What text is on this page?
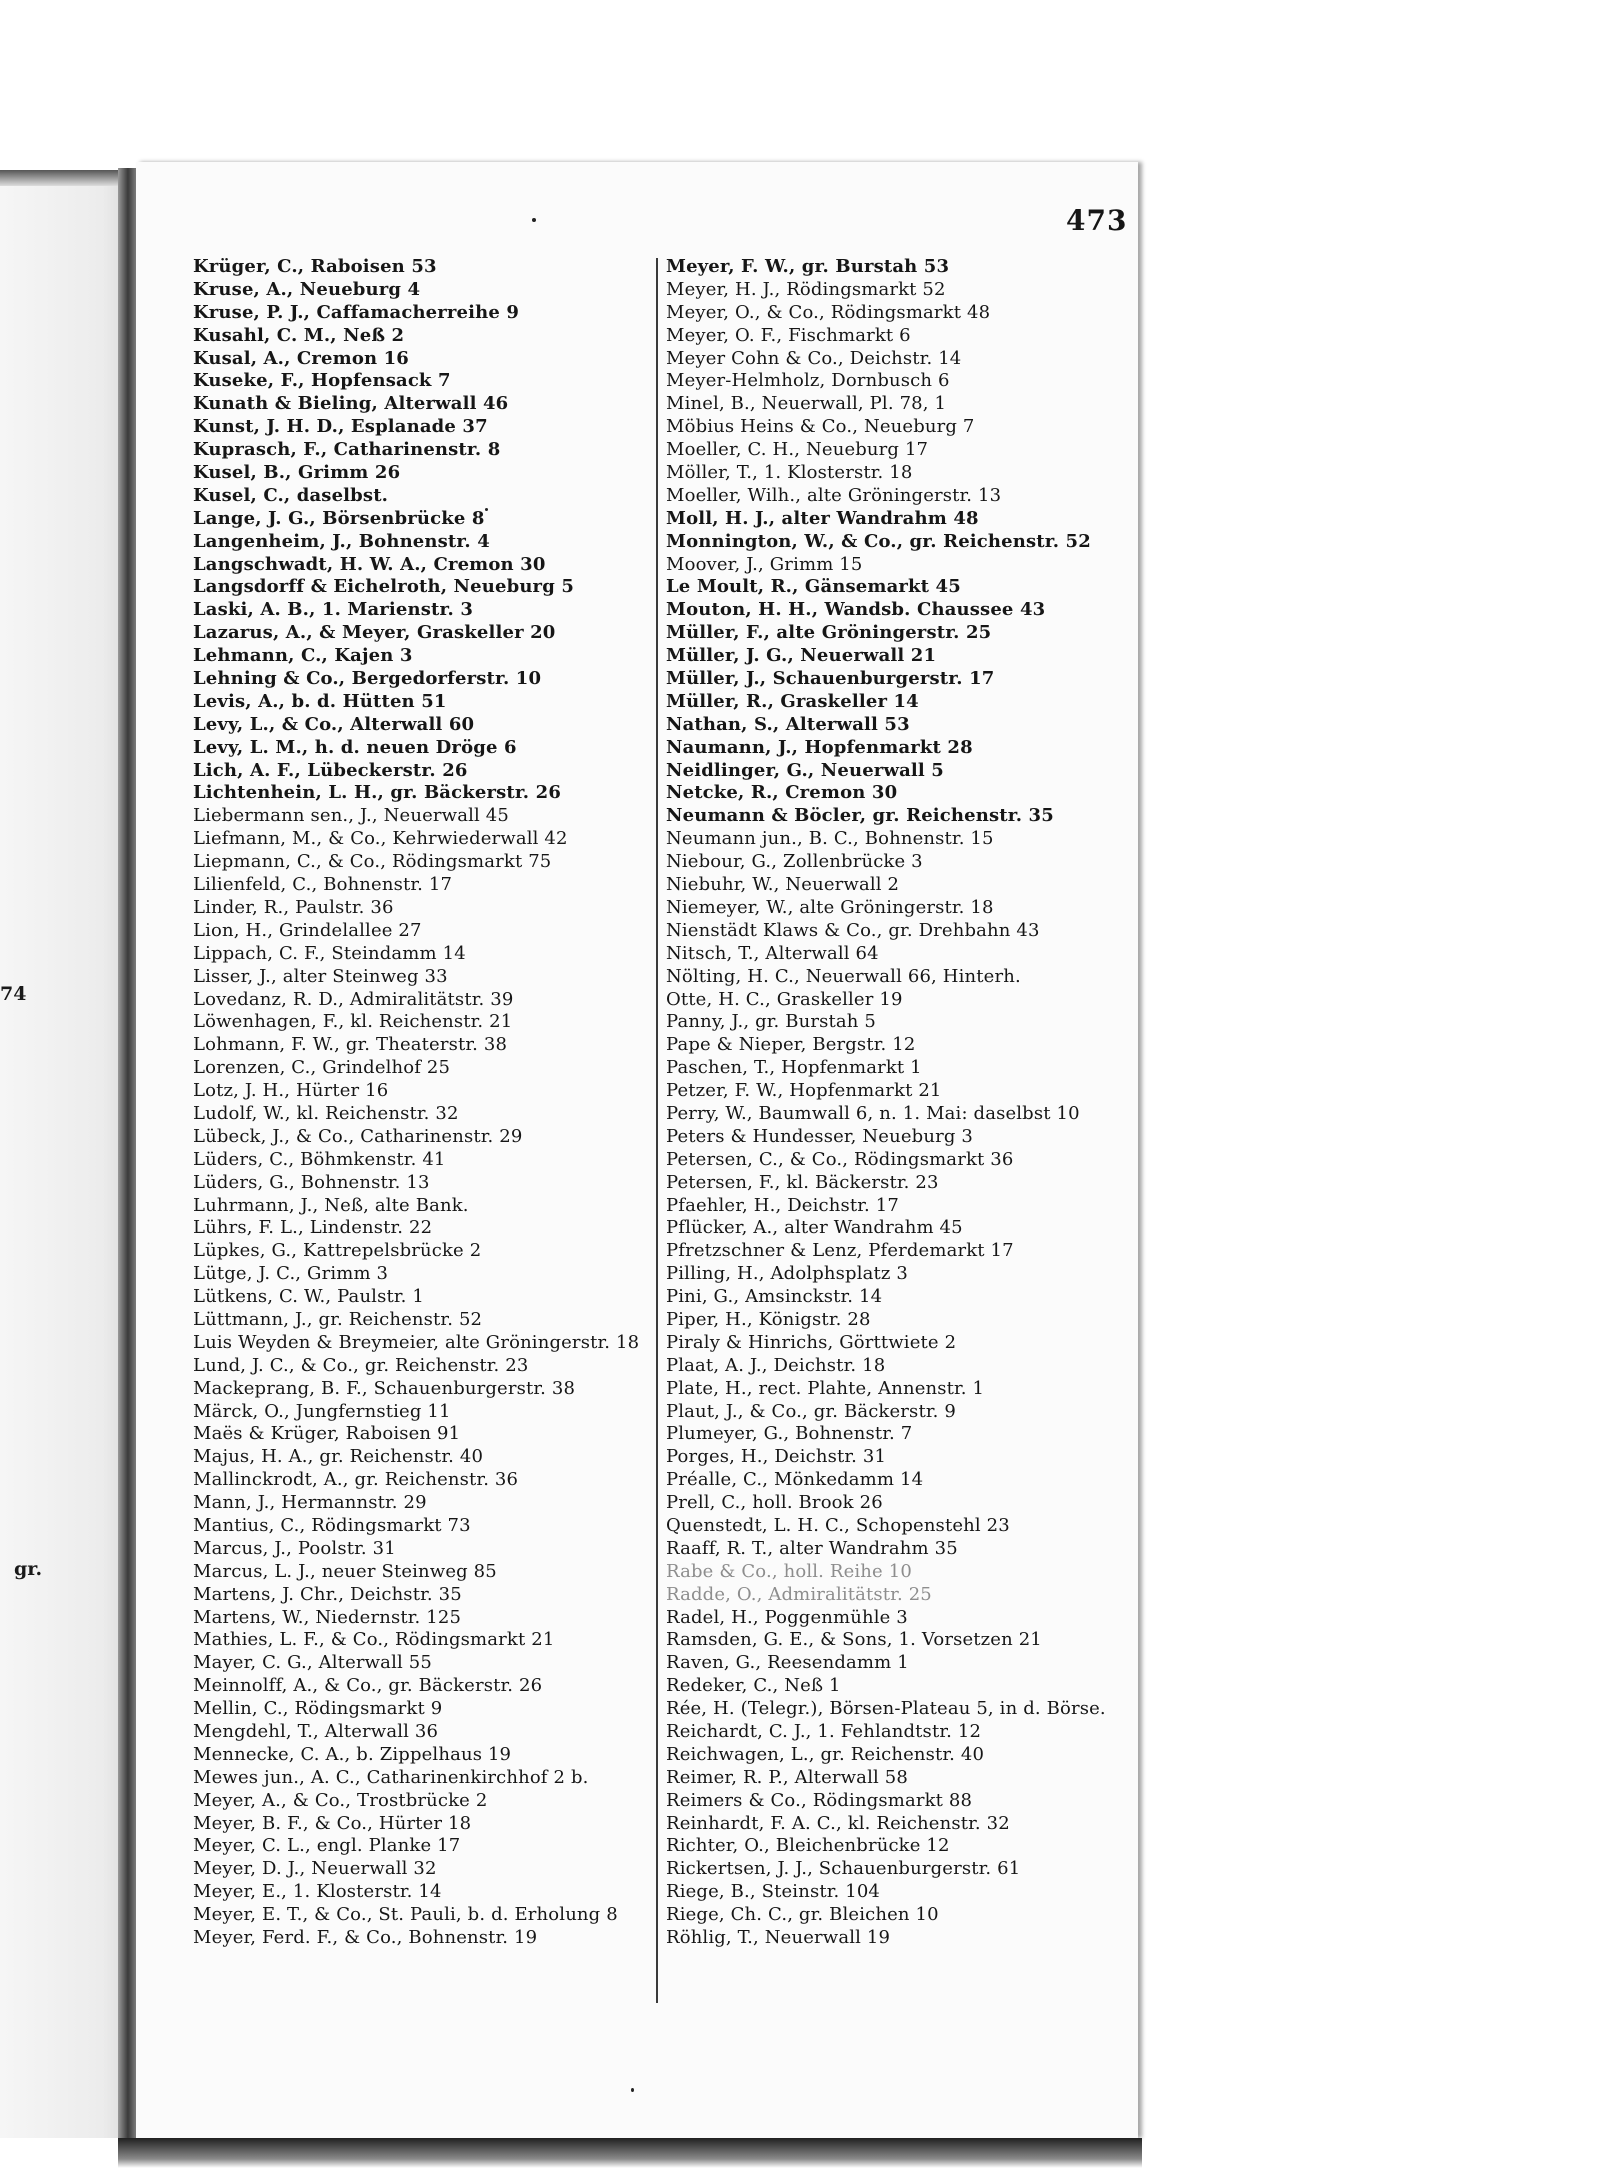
74
gr.
473
Krüger, C., Raboisen 53
Kruse, A., Neueburg 4
Kruse, P. J., Caffamacherreihe 9
Kusahl, C. M., Neß 2
Kusal, A., Cremon 16
Kuseke, F., Hopfensack 7
Kunath & Bieling, Alterwall 46
Kunst, J. H. D., Esplanade 37
Kuprasch, F., Catharinenstr. 8
Kusel, B., Grimm 26
Kusel, C., daselbst.
Lange, J. G., Börsenbrücke 8
Langenheim, J., Bohnenstr. 4
Langschwadt, H. W. A., Cremon 30
Langsdorff & Eichelroth, Neueburg 5
Laski, A. B., 1. Marienstr. 3
Lazarus, A., & Meyer, Graskeller 20
Lehmann, C., Kajen 3
Lehning & Co., Bergedorferstr. 10
Levis, A., b. d. Hütten 51
Levy, L., & Co., Alterwall 60
Levy, L. M., h. d. neuen Dröge 6
Lich, A. F., Lübeckerstr. 26
Lichtenhein, L. H., gr. Bäckerstr. 26
Liebermann sen., J., Neuerwall 45
Liefmann, M., & Co., Kehrwiederwall 42
Liepmann, C., & Co., Rödingsmarkt 75
Lilienfeld, C., Bohnenstr. 17
Linder, R., Paulstr. 36
Lion, H., Grindelallee 27
Lippach, C. F., Steindamm 14
Lisser, J., alter Steinweg 33
Lovedanz, R. D., Admiralitätstr. 39
Löwenhagen, F., kl. Reichenstr. 21
Lohmann, F. W., gr. Theaterstr. 38
Lorenzen, C., Grindelhof 25
Lotz, J. H., Hürter 16
Ludolf, W., kl. Reichenstr. 32
Lübeck, J., & Co., Catharinenstr. 29
Lüders, C., Böhmkenstr. 41
Lüders, G., Bohnenstr. 13
Luhrmann, J., Neß, alte Bank.
Lührs, F. L., Lindenstr. 22
Lüpkes, G., Kattrepelsbrücke 2
Lütge, J. C., Grimm 3
Lütkens, C. W., Paulstr. 1
Lüttmann, J., gr. Reichenstr. 52
Luis Weyden & Breymeier, alte Gröningerstr. 18
Lund, J. C., & Co., gr. Reichenstr. 23
Mackeprang, B. F., Schauenburgerstr. 38
Märck, O., Jungfernstieg 11
Maës & Krüger, Raboisen 91
Majus, H. A., gr. Reichenstr. 40
Mallinckrodt, A., gr. Reichenstr. 36
Mann, J., Hermannstr. 29
Mantius, C., Rödingsmarkt 73
Marcus, J., Poolstr. 31
Marcus, L. J., neuer Steinweg 85
Martens, J. Chr., Deichstr. 35
Martens, W., Niedernstr. 125
Mathies, L. F., & Co., Rödingsmarkt 21
Mayer, C. G., Alterwall 55
Meinnolff, A., & Co., gr. Bäckerstr. 26
Mellin, C., Rödingsmarkt 9
Mengdehl, T., Alterwall 36
Mennecke, C. A., b. Zippelhaus 19
Mewes jun., A. C., Catharinenkirchhof 2 b.
Meyer, A., & Co., Trostbrücke 2
Meyer, B. F., & Co., Hürter 18
Meyer, C. L., engl. Planke 17
Meyer, D. J., Neuerwall 32
Meyer, E., 1. Klosterstr. 14
Meyer, E. T., & Co., St. Pauli, b. d. Erholung 8
Meyer, Ferd. F., & Co., Bohnenstr. 19
Meyer, F. W., gr. Burstah 53
Meyer, H. J., Rödingsmarkt 52
Meyer, O., & Co., Rödingsmarkt 48
Meyer, O. F., Fischmarkt 6
Meyer Cohn & Co., Deichstr. 14
Meyer-Helmholz, Dornbusch 6
Minel, B., Neuerwall, Pl. 78, 1
Möbius Heins & Co., Neueburg 7
Moeller, C. H., Neueburg 17
Möller, T., 1. Klosterstr. 18
Moeller, Wilh., alte Gröningerstr. 13
Moll, H. J., alter Wandrahm 48
Monnington, W., & Co., gr. Reichenstr. 52
Moover, J., Grimm 15
Le Moult, R., Gänsemarkt 45
Mouton, H. H., Wandsb. Chaussee 43
Müller, F., alte Gröningerstr. 25
Müller, J. G., Neuerwall 21
Müller, J., Schauenburgerstr. 17
Müller, R., Graskeller 14
Nathan, S., Alterwall 53
Naumann, J., Hopfenmarkt 28
Neidlinger, G., Neuerwall 5
Netcke, R., Cremon 30
Neumann & Böcler, gr. Reichenstr. 35
Neumann jun., B. C., Bohnenstr. 15
Niebour, G., Zollenbrücke 3
Niebuhr, W., Neuerwall 2
Niemeyer, W., alte Gröningerstr. 18
Nienstädt Klaws & Co., gr. Drehbahn 43
Nitsch, T., Alterwall 64
Nölting, H. C., Neuerwall 66, Hinterh.
Otte, H. C., Graskeller 19
Panny, J., gr. Burstah 5
Pape & Nieper, Bergstr. 12
Paschen, T., Hopfenmarkt 1
Petzer, F. W., Hopfenmarkt 21
Perry, W., Baumwall 6, n. 1. Mai: daselbst 10
Peters & Hundesser, Neueburg 3
Petersen, C., & Co., Rödingsmarkt 36
Petersen, F., kl. Bäckerstr. 23
Pfaehler, H., Deichstr. 17
Pflücker, A., alter Wandrahm 45
Pfretzschner & Lenz, Pferdemarkt 17
Pilling, H., Adolphsplatz 3
Pini, G., Amsinckstr. 14
Piper, H., Königstr. 28
Piraly & Hinrichs, Görttwiete 2
Plaat, A. J., Deichstr. 18
Plate, H., rect. Plahte, Annenstr. 1
Plaut, J., & Co., gr. Bäckerstr. 9
Plumeyer, G., Bohnenstr. 7
Porges, H., Deichstr. 31
Préalle, C., Mönkedamm 14
Prell, C., holl. Brook 26
Quenstedt, L. H. C., Schopenstehl 23
Raaff, R. T., alter Wandrahm 35
Rabe & Co., holl. Reihe 10
Radde, O., Admiralitätstr. 25
Radel, H., Poggenmühle 3
Ramsden, G. E., & Sons, 1. Vorsetzen 21
Raven, G., Reesendamm 1
Redeker, C., Neß 1
Rée, H. (Telegr.), Börsen-Plateau 5, in d. Börse.
Reichardt, C. J., 1. Fehlandtstr. 12
Reichwagen, L., gr. Reichenstr. 40
Reimer, R. P., Alterwall 58
Reimers & Co., Rödingsmarkt 88
Reinhardt, F. A. C., kl. Reichenstr. 32
Richter, O., Bleichenbrücke 12
Rickertsen, J. J., Schauenburgerstr. 61
Riege, B., Steinstr. 104
Riege, Ch. C., gr. Bleichen 10
Röhlig, T., Neuerwall 19
